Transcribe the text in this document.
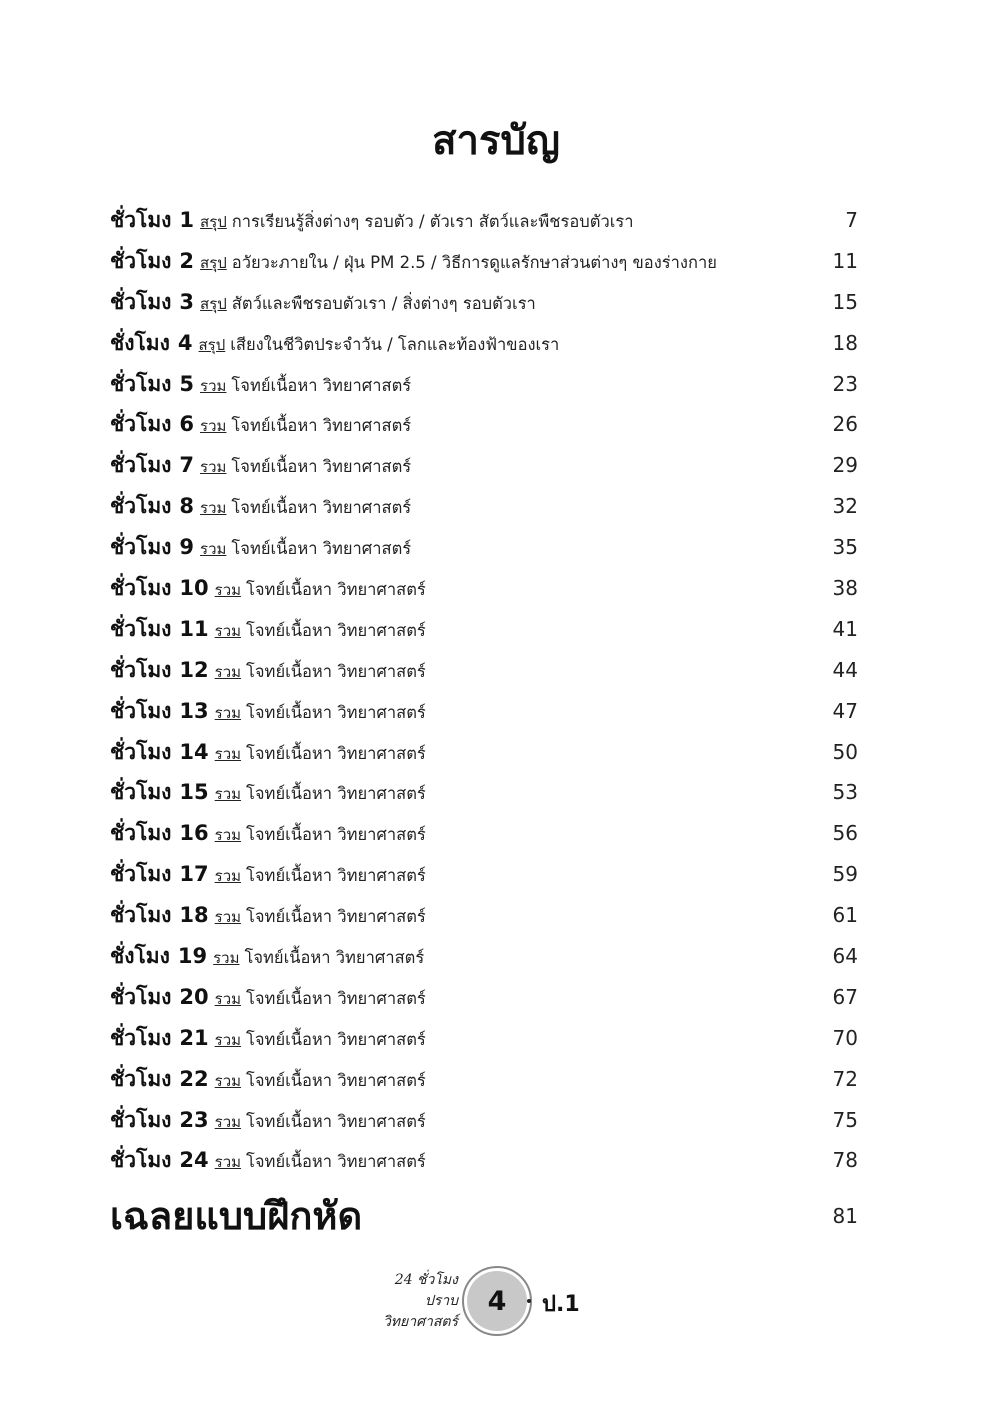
สารบัญ
ชั่วโมง 1 สรุป การเรียนรู้สิ่งต่างๆ รอบตัว / ตัวเรา สัตว์และพืชรอบตัวเรา	7
ชั่วโมง 2 สรุป อวัยวะภายใน / ฝุ่น PM 2.5 / วิธีการดูแลรักษาส่วนต่างๆ ของร่างกาย	11
ชั่วโมง 3 สรุป สัตว์และพืชรอบตัวเรา / สิ่งต่างๆ รอบตัวเรา	15
ชั่งโมง 4 สรุป เสียงในชีวิตประจำวัน / โลกและท้องฟ้าของเรา	18
ชั่วโมง 5 รวม โจทย์เนื้อหา วิทยาศาสตร์	23
ชั่วโมง 6 รวม โจทย์เนื้อหา วิทยาศาสตร์	26
ชั่วโมง 7 รวม โจทย์เนื้อหา วิทยาศาสตร์	29
ชั่วโมง 8 รวม โจทย์เนื้อหา วิทยาศาสตร์	32
ชั่วโมง 9 รวม โจทย์เนื้อหา วิทยาศาสตร์	35
ชั่วโมง 10 รวม โจทย์เนื้อหา วิทยาศาสตร์	38
ชั่วโมง 11 รวม โจทย์เนื้อหา วิทยาศาสตร์	41
ชั่วโมง 12 รวม โจทย์เนื้อหา วิทยาศาสตร์	44
ชั่วโมง 13 รวม โจทย์เนื้อหา วิทยาศาสตร์	47
ชั่วโมง 14 รวม โจทย์เนื้อหา วิทยาศาสตร์	50
ชั่วโมง 15 รวม โจทย์เนื้อหา วิทยาศาสตร์	53
ชั่วโมง 16 รวม โจทย์เนื้อหา วิทยาศาสตร์	56
ชั่วโมง 17 รวม โจทย์เนื้อหา วิทยาศาสตร์	59
ชั่วโมง 18 รวม โจทย์เนื้อหา วิทยาศาสตร์	61
ชั่งโมง 19 รวม โจทย์เนื้อหา วิทยาศาสตร์	64
ชั่วโมง 20 รวม โจทย์เนื้อหา วิทยาศาสตร์	67
ชั่วโมง 21 รวม โจทย์เนื้อหา วิทยาศาสตร์	70
ชั่วโมง 22 รวม โจทย์เนื้อหา วิทยาศาสตร์	72
ชั่วโมง 23 รวม โจทย์เนื้อหา วิทยาศาสตร์	75
ชั่วโมง 24 รวม โจทย์เนื้อหา วิทยาศาสตร์	78
เฉลยแบบฝึกหัด	81
24 ชั่วโมง
ปราบ
วิทยาศาสตร์
4	ป.1
